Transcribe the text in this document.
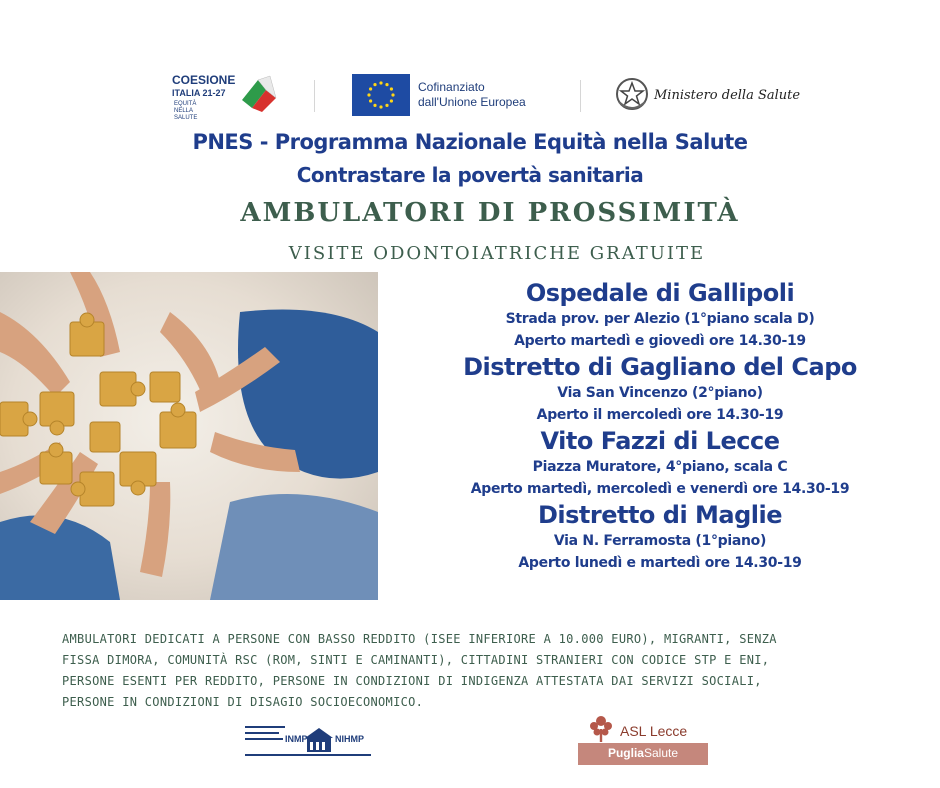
COESIONE
ITALIA 21-27
EQUITÀ NELLA SALUTE
Cofinanziato
dall'Unione Europea	Ministero della Salute
PNES - Programma Nazionale Equità nella Salute
Contrastare la povertà sanitaria
AMBULATORI DI PROSSIMITÀ
VISITE ODONTOIATRICHE GRATUITE
Ospedale di Gallipoli
Strada prov. per Alezio (1°piano scala D)
Aperto martedì e giovedì ore 14.30-19
Distretto di Gagliano del Capo
Via San Vincenzo (2°piano)
Aperto il mercoledì ore 14.30-19
Vito Fazzi di Lecce
Piazza Muratore, 4°piano, scala C
Aperto martedì, mercoledì e venerdì ore 14.30-19
Distretto di Maglie
Via N. Ferramosta (1°piano)
Aperto lunedì e martedì ore 14.30-19
AMBULATORI DEDICATI A PERSONE CON BASSO REDDITO (ISEE INFERIORE A 10.000 EURO), MIGRANTI, SENZA
FISSA DIMORA, COMUNITÀ RSC (ROM, SINTI E CAMINANTI), CITTADINI STRANIERI CON CODICE STP E ENI,
PERSONE ESENTI PER REDDITO, PERSONE IN CONDIZIONI DI INDIGENZA ATTESTATA DAI SERVIZI SOCIALI,
PERSONE IN CONDIZIONI DI DISAGIO SOCIOECONOMICO.
INMP	NIHMP	ASL Lecce
PugliaSalute
